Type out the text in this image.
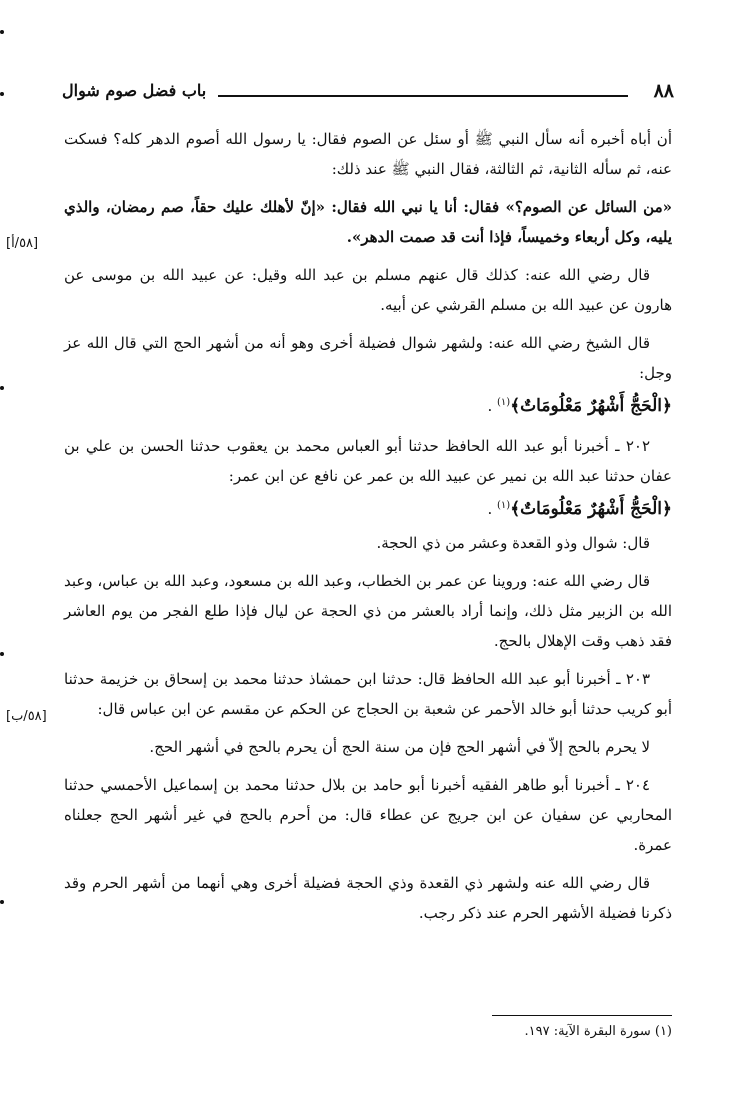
٨٨
باب فضل صوم شوال
[٥٨/أ]
[٥٨/ب]

أن أباه أخبره أنه سأل النبي ﷺ أو سئل عن الصوم فقال: يا رسول الله أصوم الدهر كله؟ فسكت عنه، ثم سأله الثانية، ثم الثالثة، فقال النبي ﷺ عند ذلك:

«من السائل عن الصوم؟» فقال: أنا يا نبي الله فقال: «إنّ لأهلك عليك حقاً، صم رمضان، والذي يليه، وكل أربعاء وخميساً، فإذا أنت قد صمت الدهر».

قال رضي الله عنه: كذلك قال عنهم مسلم بن عبد الله وقيل: عن عبيد الله بن موسى عن هارون عن عبيد الله بن مسلم القرشي عن أبيه.

قال الشيخ رضي الله عنه: ولشهر شوال فضيلة أخرى وهو أنه من أشهر الحج التي قال الله عز وجل:

﴿الْحَجُّ أَشْهُرٌ مَعْلُومَاتٌ﴾$^{(١)}$ .

٢٠٢ ـ أخبرنا أبو عبد الله الحافظ حدثنا أبو العباس محمد بن يعقوب حدثنا الحسن بن علي بن عفان حدثنا عبد الله بن نمير عن عبيد الله بن عمر عن نافع عن ابن عمر:

﴿الْحَجُّ أَشْهُرٌ مَعْلُومَاتٌ﴾$^{(١)}$ .

قال: شوال وذو القعدة وعشر من ذي الحجة.

قال رضي الله عنه: وروينا عن عمر بن الخطاب، وعبد الله بن مسعود، وعبد الله بن عباس، وعبد الله بن الزبير مثل ذلك، وإنما أراد بالعشر من ذي الحجة عن ليال فإذا طلع الفجر من يوم العاشر فقد ذهب وقت الإهلال بالحج.

٢٠٣ ـ أخبرنا أبو عبد الله الحافظ قال: حدثنا ابن حمشاذ حدثنا محمد بن إسحاق بن خزيمة حدثنا أبو كريب حدثنا أبو خالد الأحمر عن شعبة بن الحجاج عن الحكم عن مقسم عن ابن عباس قال:

لا يحرم بالحج إلاّ في أشهر الحج فإن من سنة الحج أن يحرم بالحج في أشهر الحج.

٢٠٤ ـ أخبرنا أبو طاهر الفقيه أخبرنا أبو حامد بن بلال حدثنا محمد بن إسماعيل الأحمسي حدثنا المحاربي عن سفيان عن ابن جريج عن عطاء قال: من أحرم بالحج في غير أشهر الحج جعلناه عمرة.

قال رضي الله عنه ولشهر ذي القعدة وذي الحجة فضيلة أخرى وهي أنهما من أشهر الحرم وقد ذكرنا فضيلة الأشهر الحرم عند ذكر رجب.

(١) سورة البقرة الآية: ١٩٧.
